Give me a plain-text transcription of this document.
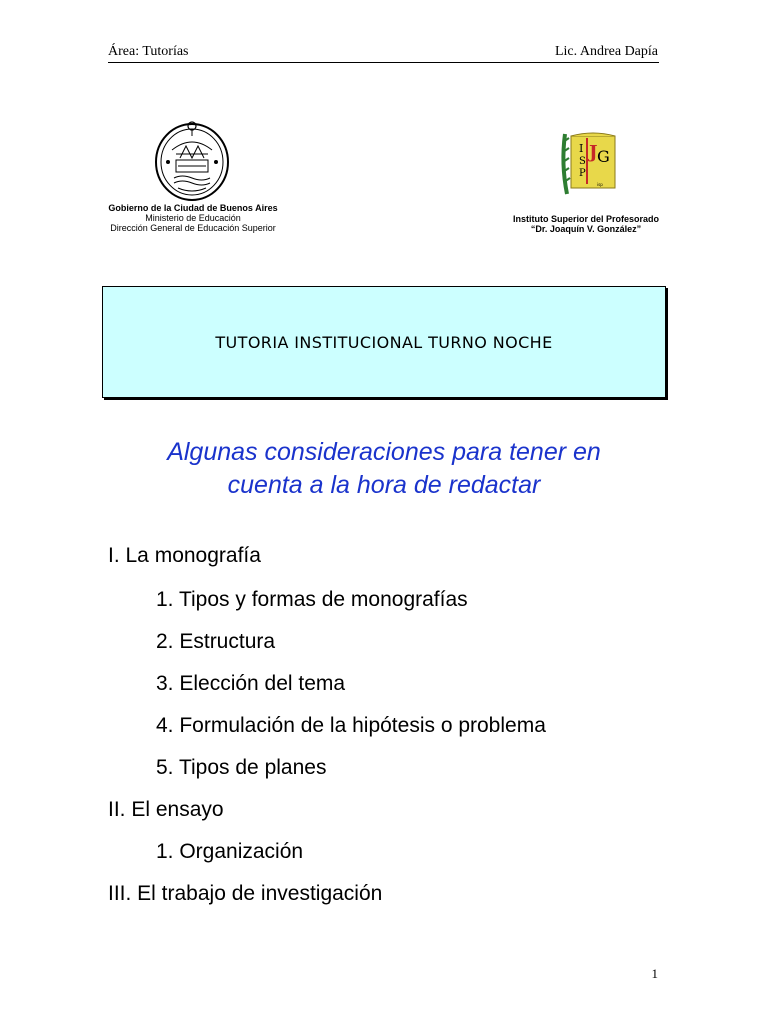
Área: Tutorías	Lic. Andrea Dapía
Gobierno de la Ciudad de Buenos Aires
Ministerio de Educación
Dirección General de Educación Superior
I
S
P
J G
isp
Instituto Superior del Profesorado
“Dr. Joaquín V. González”
TUTORIA INSTITUCIONAL TURNO NOCHE
Algunas consideraciones para tener en
cuenta a la hora de redactar
I. La monografía
1. Tipos y formas de monografías
2. Estructura
3. Elección del tema
4. Formulación de la hipótesis o problema
5. Tipos de planes
II. El ensayo
1. Organización
III. El trabajo de investigación
1
